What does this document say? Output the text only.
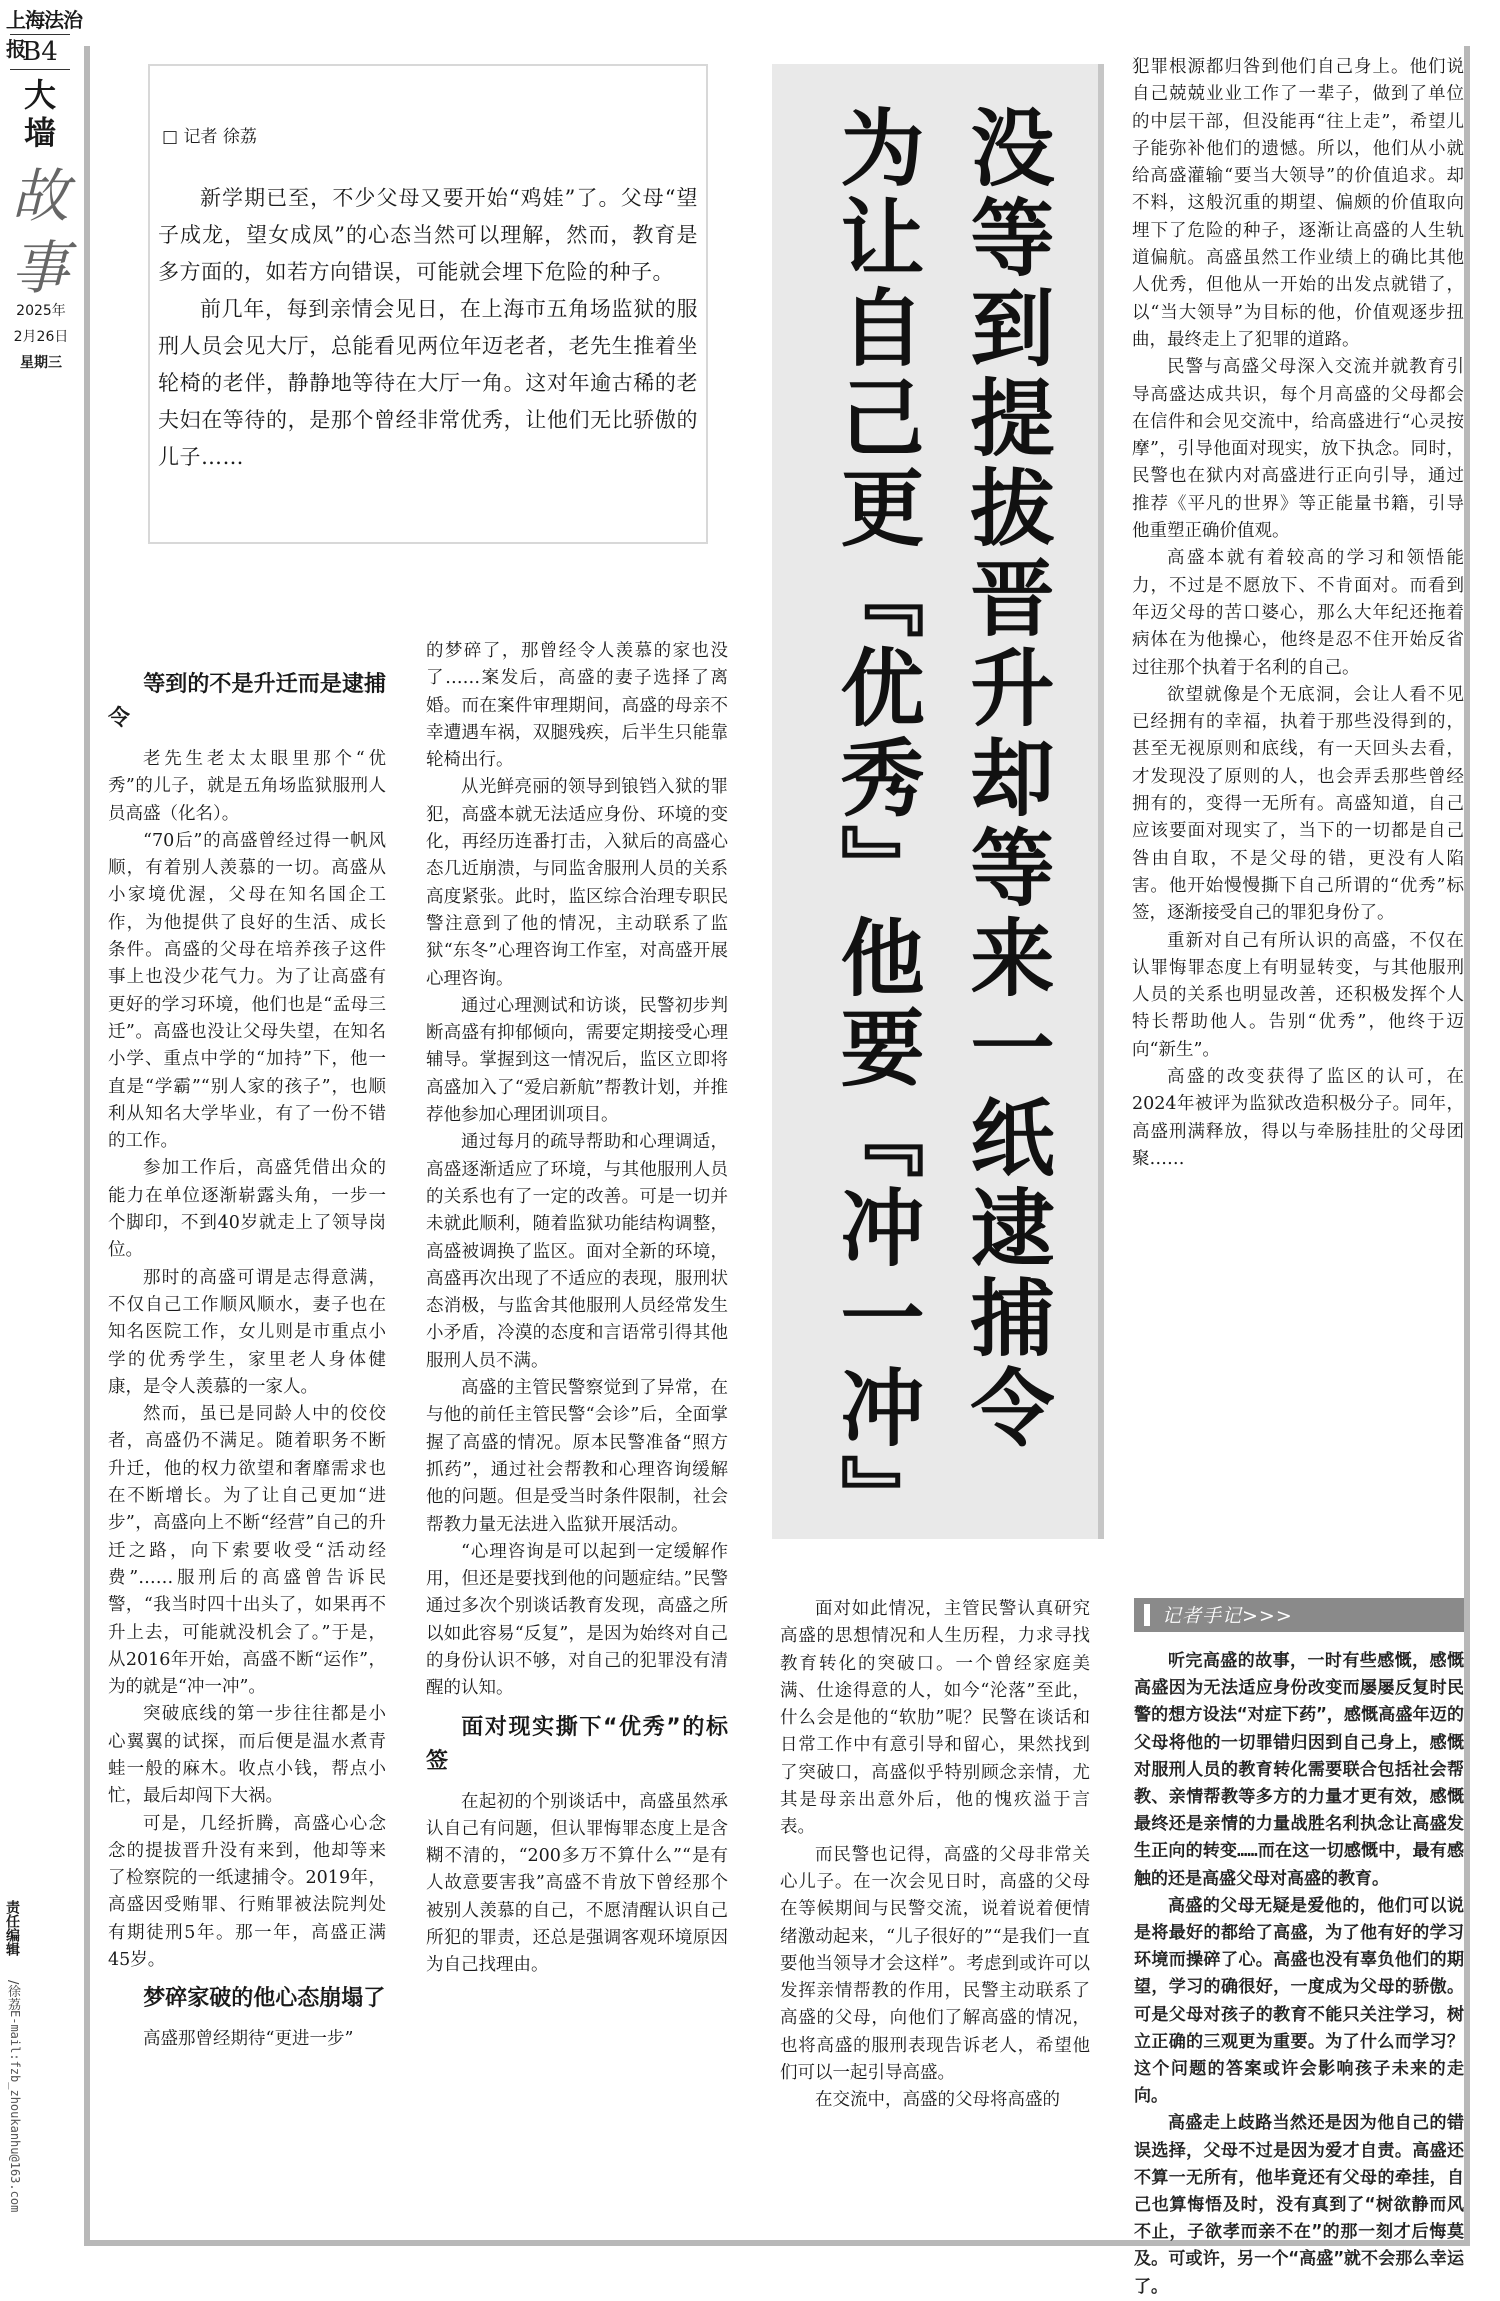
上海法治报
B4
大墙
故事
2025年
2月26日
星期三
责任编辑
/徐荔
E-mail:fzb_zhoukanhu@163.com
□ 记者 徐荔

新学期已至，不少父母又要开始“鸡娃”了。父母“望子成龙，望女成凤”的心态当然可以理解，然而，教育是多方面的，如若方向错误，可能就会埋下危险的种子。

前几年，每到亲情会见日，在上海市五角场监狱的服刑人员会见大厅，总能看见两位年迈老者，老先生推着坐轮椅的老伴，静静地等待在大厅一角。这对年逾古稀的老夫妇在等待的，是那个曾经非常优秀，让他们无比骄傲的儿子……	没等到提拔晋升却等来一纸逮捕令
为让自己更『优秀』他要『冲一冲』
等到的不是升迁而是逮捕令

老先生老太太眼里那个“优秀”的儿子，就是五角场监狱服刑人员高盛（化名）。

“70后”的高盛曾经过得一帆风顺，有着别人羡慕的一切。高盛从小家境优渥，父母在知名国企工作，为他提供了良好的生活、成长条件。高盛的父母在培养孩子这件事上也没少花气力。为了让高盛有更好的学习环境，他们也是“孟母三迁”。高盛也没让父母失望，在知名小学、重点中学的“加持”下，他一直是“学霸”“别人家的孩子”，也顺利从知名大学毕业，有了一份不错的工作。

参加工作后，高盛凭借出众的能力在单位逐渐崭露头角，一步一个脚印，不到40岁就走上了领导岗位。

那时的高盛可谓是志得意满，不仅自己工作顺风顺水，妻子也在知名医院工作，女儿则是市重点小学的优秀学生，家里老人身体健康，是令人羡慕的一家人。

然而，虽已是同龄人中的佼佼者，高盛仍不满足。随着职务不断升迁，他的权力欲望和奢靡需求也在不断增长。为了让自己更加“进步”，高盛向上不断“经营”自己的升迁之路，向下索要收受“活动经费”……服刑后的高盛曾告诉民警，“我当时四十出头了，如果再不升上去，可能就没机会了。”于是，从2016年开始，高盛不断“运作”，为的就是“冲一冲”。

突破底线的第一步往往都是小心翼翼的试探，而后便是温水煮青蛙一般的麻木。收点小钱，帮点小忙，最后却闯下大祸。

可是，几经折腾，高盛心心念念的提拔晋升没有来到，他却等来了检察院的一纸逮捕令。2019年，高盛因受贿罪、行贿罪被法院判处有期徒刑5年。那一年，高盛正满45岁。

梦碎家破的他心态崩塌了

高盛那曾经期待“更进一步”

的梦碎了，那曾经令人羡慕的家也没了……案发后，高盛的妻子选择了离婚。而在案件审理期间，高盛的母亲不幸遭遇车祸，双腿残疾，后半生只能靠轮椅出行。

从光鲜亮丽的领导到锒铛入狱的罪犯，高盛本就无法适应身份、环境的变化，再经历连番打击，入狱后的高盛心态几近崩溃，与同监舍服刑人员的关系高度紧张。此时，监区综合治理专职民警注意到了他的情况，主动联系了监狱“东冬”心理咨询工作室，对高盛开展心理咨询。

通过心理测试和访谈，民警初步判断高盛有抑郁倾向，需要定期接受心理辅导。掌握到这一情况后，监区立即将高盛加入了“爱启新航”帮教计划，并推荐他参加心理团训项目。

通过每月的疏导帮助和心理调适，高盛逐渐适应了环境，与其他服刑人员的关系也有了一定的改善。可是一切并未就此顺利，随着监狱功能结构调整，高盛被调换了监区。面对全新的环境，高盛再次出现了不适应的表现，服刑状态消极，与监舍其他服刑人员经常发生小矛盾，冷漠的态度和言语常引得其他服刑人员不满。

高盛的主管民警察觉到了异常，在与他的前任主管民警“会诊”后，全面掌握了高盛的情况。原本民警准备“照方抓药”，通过社会帮教和心理咨询缓解他的问题。但是受当时条件限制，社会帮教力量无法进入监狱开展活动。

“心理咨询是可以起到一定缓解作用，但还是要找到他的问题症结。”民警通过多次个别谈话教育发现，高盛之所以如此容易“反复”，是因为始终对自己的身份认识不够，对自己的犯罪没有清醒的认知。

面对现实撕下“优秀”的标签

在起初的个别谈话中，高盛虽然承认自己有问题，但认罪悔罪态度上是含糊不清的，“200多万不算什么”“是有人故意要害我”高盛不肯放下曾经那个被别人羡慕的自己，不愿清醒认识自己所犯的罪责，还总是强调客观环境原因为自己找理由。

面对如此情况，主管民警认真研究高盛的思想情况和人生历程，力求寻找教育转化的突破口。一个曾经家庭美满、仕途得意的人，如今“沦落”至此，什么会是他的“软肋”呢？民警在谈话和日常工作中有意引导和留心，果然找到了突破口，高盛似乎特别顾念亲情，尤其是母亲出意外后，他的愧疚溢于言表。

而民警也记得，高盛的父母非常关心儿子。在一次会见日时，高盛的父母在等候期间与民警交流，说着说着便情绪激动起来，“儿子很好的”“是我们一直要他当领导才会这样”。考虑到或许可以发挥亲情帮教的作用，民警主动联系了高盛的父母，向他们了解高盛的情况，也将高盛的服刑表现告诉老人，希望他们可以一起引导高盛。

在交流中，高盛的父母将高盛的

犯罪根源都归咎到他们自己身上。他们说自己兢兢业业工作了一辈子，做到了单位的中层干部，但没能再“往上走”，希望儿子能弥补他们的遗憾。所以，他们从小就给高盛灌输“要当大领导”的价值追求。却不料，这般沉重的期望、偏颇的价值取向埋下了危险的种子，逐渐让高盛的人生轨道偏航。高盛虽然工作业绩上的确比其他人优秀，但他从一开始的出发点就错了，以“当大领导”为目标的他，价值观逐步扭曲，最终走上了犯罪的道路。

民警与高盛父母深入交流并就教育引导高盛达成共识，每个月高盛的父母都会在信件和会见交流中，给高盛进行“心灵按摩”，引导他面对现实，放下执念。同时，民警也在狱内对高盛进行正向引导，通过推荐《平凡的世界》等正能量书籍，引导他重塑正确价值观。

高盛本就有着较高的学习和领悟能力，不过是不愿放下、不肯面对。而看到年迈父母的苦口婆心，那么大年纪还拖着病体在为他操心，他终是忍不住开始反省过往那个执着于名利的自己。

欲望就像是个无底洞，会让人看不见已经拥有的幸福，执着于那些没得到的，甚至无视原则和底线，有一天回头去看，才发现没了原则的人，也会弄丢那些曾经拥有的，变得一无所有。高盛知道，自己应该要面对现实了，当下的一切都是自己咎由自取，不是父母的错，更没有人陷害。他开始慢慢撕下自己所谓的“优秀”标签，逐渐接受自己的罪犯身份了。

重新对自己有所认识的高盛，不仅在认罪悔罪态度上有明显转变，与其他服刑人员的关系也明显改善，还积极发挥个人特长帮助他人。告别“优秀”，他终于迈向“新生”。

高盛的改变获得了监区的认可，在2024年被评为监狱改造积极分子。同年，高盛刑满释放，得以与牵肠挂肚的父母团聚……

记者手记>>>

听完高盛的故事，一时有些感慨，感慨高盛因为无法适应身份改变而屡屡反复时民警的想方设法“对症下药”，感慨高盛年迈的父母将他的一切罪错归因到自己身上，感慨对服刑人员的教育转化需要联合包括社会帮教、亲情帮教等多方的力量才更有效，感慨最终还是亲情的力量战胜名利执念让高盛发生正向的转变……而在这一切感慨中，最有感触的还是高盛父母对高盛的教育。

高盛的父母无疑是爱他的，他们可以说是将最好的都给了高盛，为了他有好的学习环境而操碎了心。高盛也没有辜负他们的期望，学习的确很好，一度成为父母的骄傲。可是父母对孩子的教育不能只关注学习，树立正确的三观更为重要。为了什么而学习？这个问题的答案或许会影响孩子未来的走向。

高盛走上歧路当然还是因为他自己的错误选择，父母不过是因为爱才自责。高盛还不算一无所有，他毕竟还有父母的牵挂，自己也算悔悟及时，没有真到了“树欲静而风不止，子欲孝而亲不在”的那一刻才后悔莫及。可或许，另一个“高盛”就不会那么幸运了。
